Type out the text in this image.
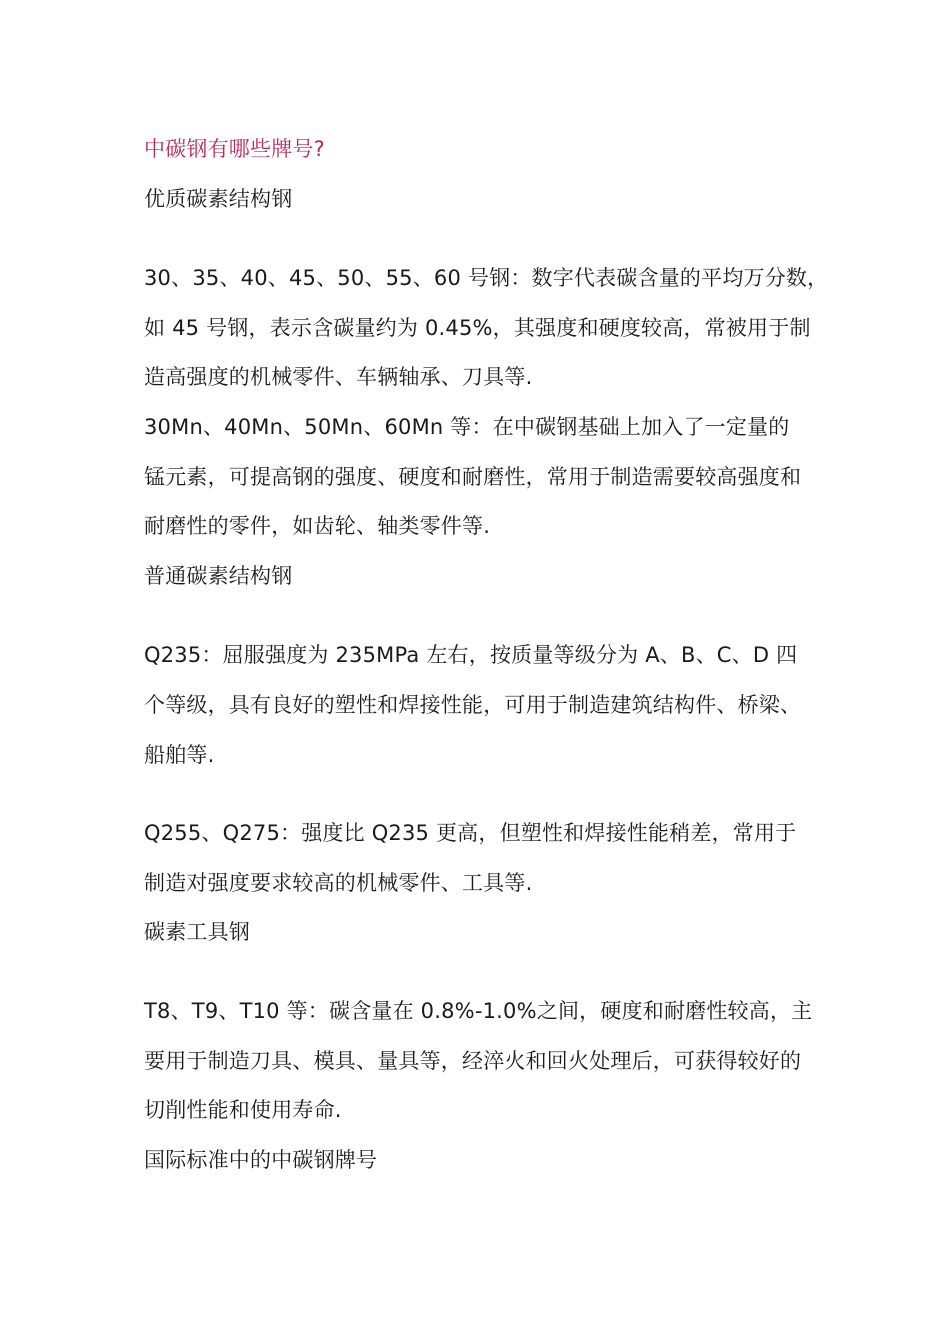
中碳钢有哪些牌号?
优质碳素结构钢
30、35、40、45、50、55、60 号钢：数字代表碳含量的平均万分数，
如 45 号钢，表示含碳量约为 0.45%，其强度和硬度较高，常被用于制
造高强度的机械零件、车辆轴承、刀具等.
30Mn、40Mn、50Mn、60Mn 等：在中碳钢基础上加入了一定量的
锰元素，可提高钢的强度、硬度和耐磨性，常用于制造需要较高强度和
耐磨性的零件，如齿轮、轴类零件等.
普通碳素结构钢
Q235：屈服强度为 235MPa 左右，按质量等级分为 A、B、C、D 四
个等级，具有良好的塑性和焊接性能，可用于制造建筑结构件、桥梁、
船舶等.
Q255、Q275：强度比 Q235 更高，但塑性和焊接性能稍差，常用于
制造对强度要求较高的机械零件、工具等.
碳素工具钢
T8、T9、T10 等：碳含量在 0.8%-1.0%之间，硬度和耐磨性较高，主
要用于制造刀具、模具、量具等，经淬火和回火处理后，可获得较好的
切削性能和使用寿命.
国际标准中的中碳钢牌号
